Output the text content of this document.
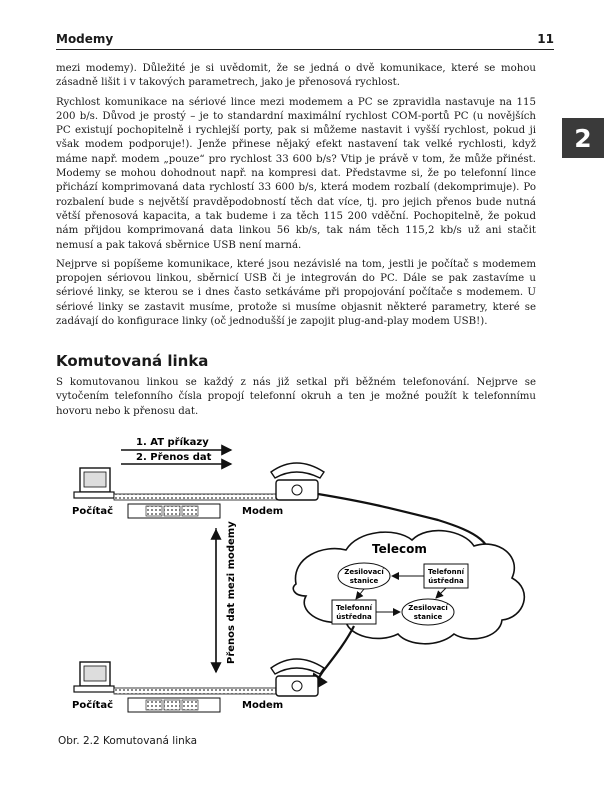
Modemy	11
2

mezi modemy). Důležité je si uvědomit, že se jedná o dvě komunikace, které se mohou zásadně lišit i v takových parametrech, jako je přenosová rychlost.

Rychlost komunikace na sériové lince mezi modemem a PC se zpravidla nastavuje na 115 200 b/s. Důvod je prostý – je to standardní maximální rychlost COM-portů PC (u novějších PC existují pochopitelně i rychlejší porty, pak si můžeme nastavit i vyšší rychlost, pokud ji však modem podporuje!). Jenže přinese nějaký efekt nastavení tak velké rychlosti, když máme např. modem „pouze“ pro rychlost 33 600 b/s? Vtip je právě v tom, že může přinést. Modemy se mohou dohodnout např. na kompresi dat. Představme si, že po telefonní lince přichází komprimovaná data rychlostí 33 600 b/s, která modem rozbalí (dekomprimuje). Po rozbalení bude s největší pravděpodobností těch dat více, tj. pro jejich přenos bude nutná větší přenosová kapacita, a tak budeme i za těch 115 200 vděční. Pochopitelně, že pokud nám přijdou komprimovaná data linkou 56 kb/s, tak nám těch 115,2 kb/s už ani stačit nemusí a pak taková sběrnice USB není marná.

Nejprve si popíšeme komunikace, které jsou nezávislé na tom, jestli je počítač s modemem propojen sériovou linkou, sběrnicí USB či je integrován do PC. Dále se pak zastavíme u sériové linky, se kterou se i dnes často setkáváme při propojování počítače s modemem. U sériové linky se zastavit musíme, protože si musíme objasnit některé parametry, které se zadávají do konfigurace linky (oč jednodušší je zapojit plug-and-play modem USB!).

Komutovaná linka

S komutovanou linkou se každý z nás již setkal při běžném telefonování. Nejprve se vytočením telefonního čísla propojí telefonní okruh a ten je možné použít k telefonnímu hovoru nebo k přenosu dat.

1. AT příkazy
2. Přenos dat
Počítač	Modem
Přenos dat mezi modemy	Telecom
Zesilovací
stanice
Telefonní
ústředna
Telefonní
ústředna
Zesilovací
stanice
Počítač	Modem
Obr. 2.2 Komutovaná linka
